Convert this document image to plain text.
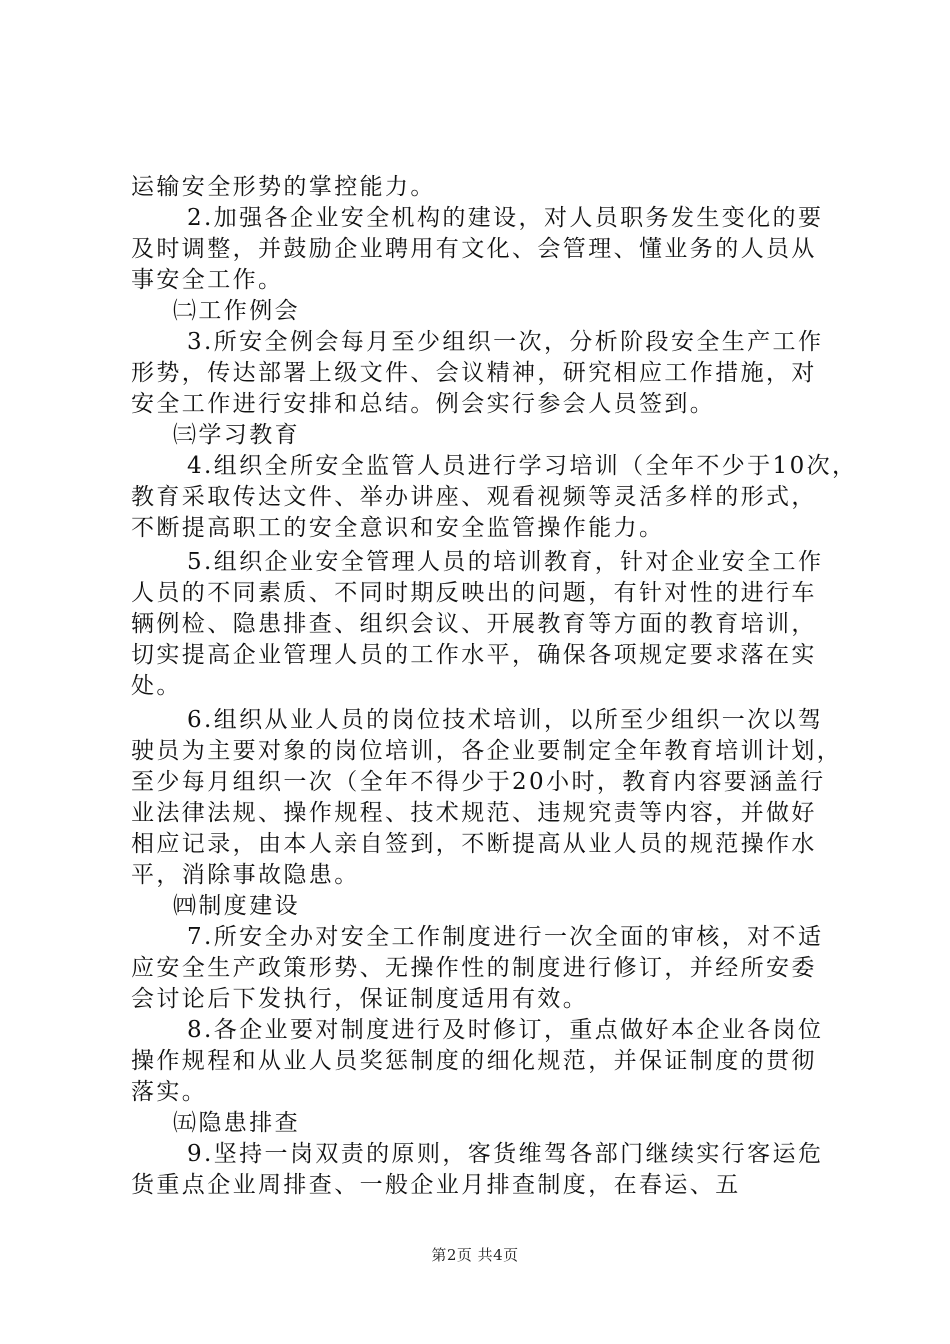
运输安全形势的掌控能力。
2.加强各企业安全机构的建设，对人员职务发生变化的要
及时调整，并鼓励企业聘用有文化、会管理、懂业务的人员从
事安全工作。
㈡工作例会
3.所安全例会每月至少组织一次，分析阶段安全生产工作
形势，传达部署上级文件、会议精神，研究相应工作措施，对
安全工作进行安排和总结。例会实行参会人员签到。
㈢学习教育
4.组织全所安全监管人员进行学习培训（全年不少于10次，
教育采取传达文件、举办讲座、观看视频等灵活多样的形式，
不断提高职工的安全意识和安全监管操作能力。
5.组织企业安全管理人员的培训教育，针对企业安全工作
人员的不同素质、不同时期反映出的问题，有针对性的进行车
辆例检、隐患排查、组织会议、开展教育等方面的教育培训，
切实提高企业管理人员的工作水平，确保各项规定要求落在实
处。
6.组织从业人员的岗位技术培训，以所至少组织一次以驾
驶员为主要对象的岗位培训，各企业要制定全年教育培训计划，
至少每月组织一次（全年不得少于20小时，教育内容要涵盖行
业法律法规、操作规程、技术规范、违规究责等内容，并做好
相应记录，由本人亲自签到，不断提高从业人员的规范操作水
平，消除事故隐患。
㈣制度建设
7.所安全办对安全工作制度进行一次全面的审核，对不适
应安全生产政策形势、无操作性的制度进行修订，并经所安委
会讨论后下发执行，保证制度适用有效。
8.各企业要对制度进行及时修订，重点做好本企业各岗位
操作规程和从业人员奖惩制度的细化规范，并保证制度的贯彻
落实。
㈤隐患排查
9.坚持一岗双责的原则，客货维驾各部门继续实行客运危
货重点企业周排查、一般企业月排查制度，在春运、五
第2页 共4页
